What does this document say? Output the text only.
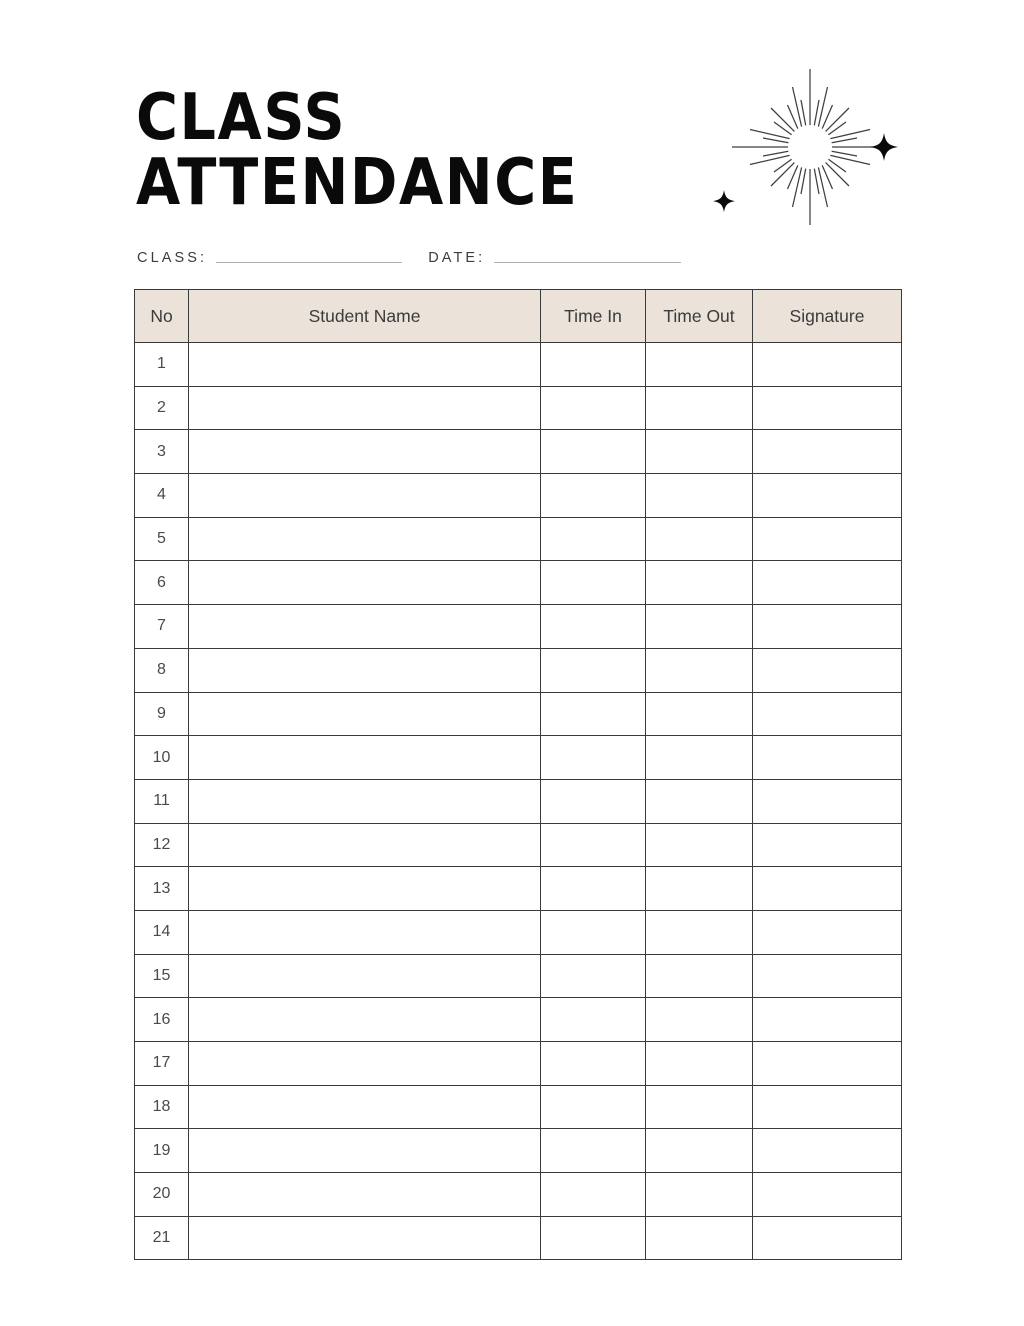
CLASS
ATTENDANCE
CLASS:	DATE:
No	Student Name	Time In	Time Out	Signature
1				
2				
3				
4				
5				
6				
7				
8				
9				
10				
11				
12				
13				
14				
15				
16				
17				
18				
19				
20				
21				
